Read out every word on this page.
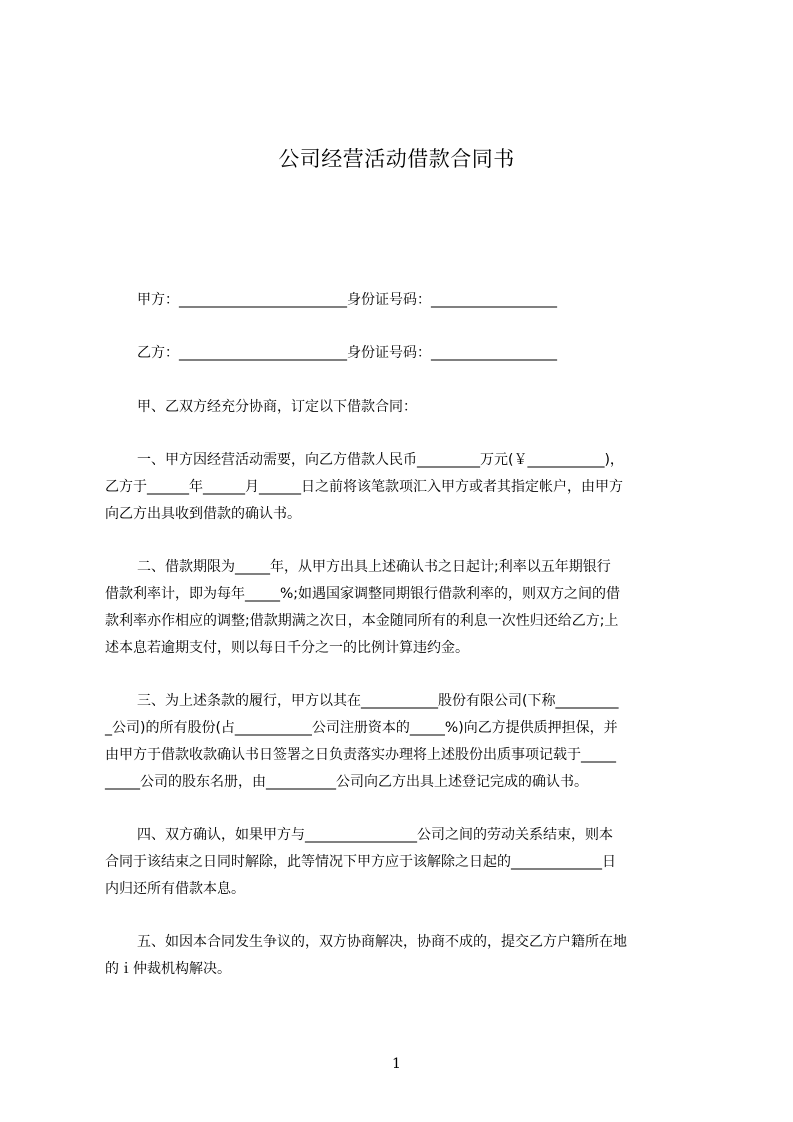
公司经营活动借款合同书
甲方：________________________身份证号码：__________________
乙方：________________________身份证号码：__________________
甲、乙双方经充分协商，订定以下借款合同：
一、甲方因经营活动需要，向乙方借款人民币_________万元(￥___________)，
乙方于______年______月______日之前将该笔款项汇入甲方或者其指定帐户，由甲方
向乙方出具收到借款的确认书。
二、借款期限为_____年，从甲方出具上述确认书之日起计;利率以五年期银行
借款利率计，即为每年_____%;如遇国家调整同期银行借款利率的，则双方之间的借
款利率亦作相应的调整;借款期满之次日，本金随同所有的利息一次性归还给乙方;上
述本息若逾期支付，则以每日千分之一的比例计算违约金。
三、为上述条款的履行，甲方以其在___________股份有限公司(下称_________
_公司)的所有股份(占___________公司注册资本的_____%)向乙方提供质押担保，并
由甲方于借款收款确认书日签署之日负责落实办理将上述股份出质事项记载于_____
_____公司的股东名册，由__________公司向乙方出具上述登记完成的确认书。
四、双方确认，如果甲方与________________公司之间的劳动关系结束，则本
合同于该结束之日同时解除，此等情况下甲方应于该解除之日起的_____________日
内归还所有借款本息。
五、如因本合同发生争议的，双方协商解决，协商不成的，提交乙方户籍所在地
的ｉ仲裁机构解决。
1
